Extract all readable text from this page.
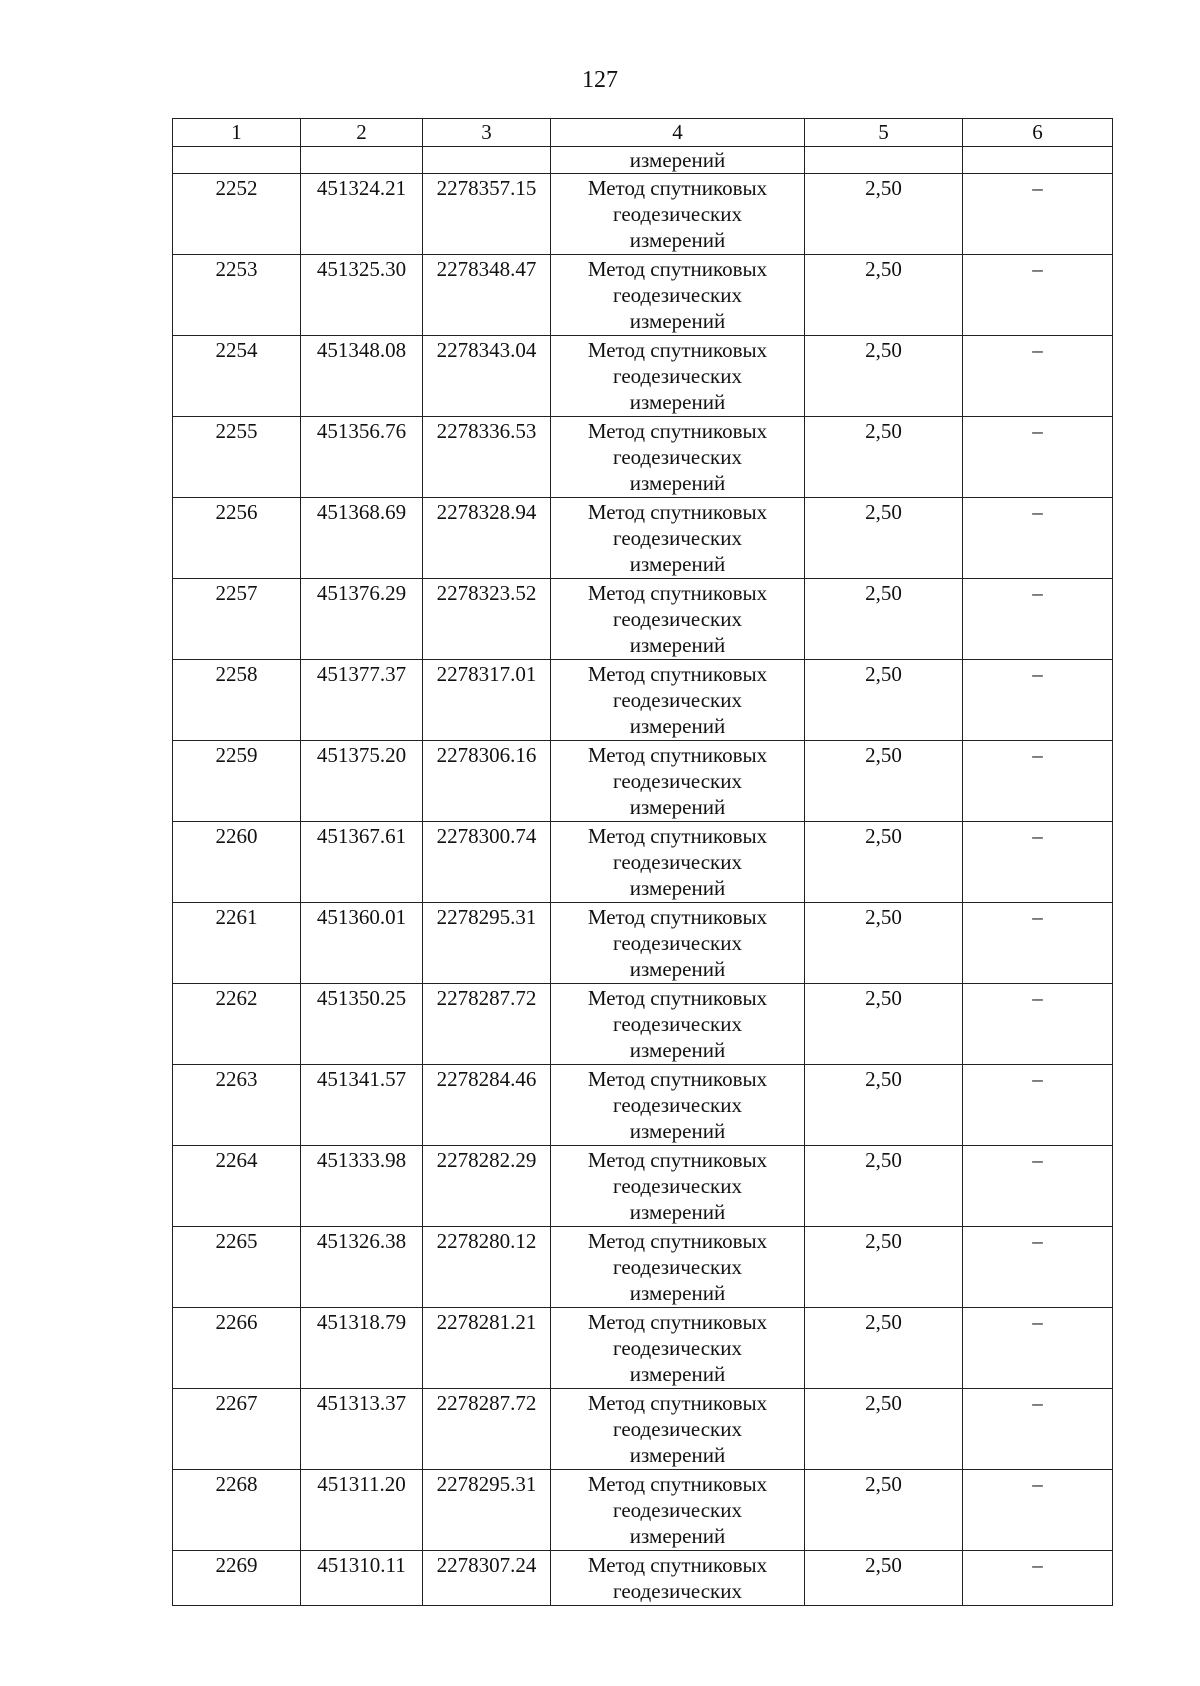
127
1	2	3	4	5	6
			измерений		
2252	451324.21	2278357.15	Метод спутниковых
геодезических
измерений	2,50	–
2253	451325.30	2278348.47	Метод спутниковых
геодезических
измерений	2,50	–
2254	451348.08	2278343.04	Метод спутниковых
геодезических
измерений	2,50	–
2255	451356.76	2278336.53	Метод спутниковых
геодезических
измерений	2,50	–
2256	451368.69	2278328.94	Метод спутниковых
геодезических
измерений	2,50	–
2257	451376.29	2278323.52	Метод спутниковых
геодезических
измерений	2,50	–
2258	451377.37	2278317.01	Метод спутниковых
геодезических
измерений	2,50	–
2259	451375.20	2278306.16	Метод спутниковых
геодезических
измерений	2,50	–
2260	451367.61	2278300.74	Метод спутниковых
геодезических
измерений	2,50	–
2261	451360.01	2278295.31	Метод спутниковых
геодезических
измерений	2,50	–
2262	451350.25	2278287.72	Метод спутниковых
геодезических
измерений	2,50	–
2263	451341.57	2278284.46	Метод спутниковых
геодезических
измерений	2,50	–
2264	451333.98	2278282.29	Метод спутниковых
геодезических
измерений	2,50	–
2265	451326.38	2278280.12	Метод спутниковых
геодезических
измерений	2,50	–
2266	451318.79	2278281.21	Метод спутниковых
геодезических
измерений	2,50	–
2267	451313.37	2278287.72	Метод спутниковых
геодезических
измерений	2,50	–
2268	451311.20	2278295.31	Метод спутниковых
геодезических
измерений	2,50	–
2269	451310.11	2278307.24	Метод спутниковых
геодезических	2,50	–
